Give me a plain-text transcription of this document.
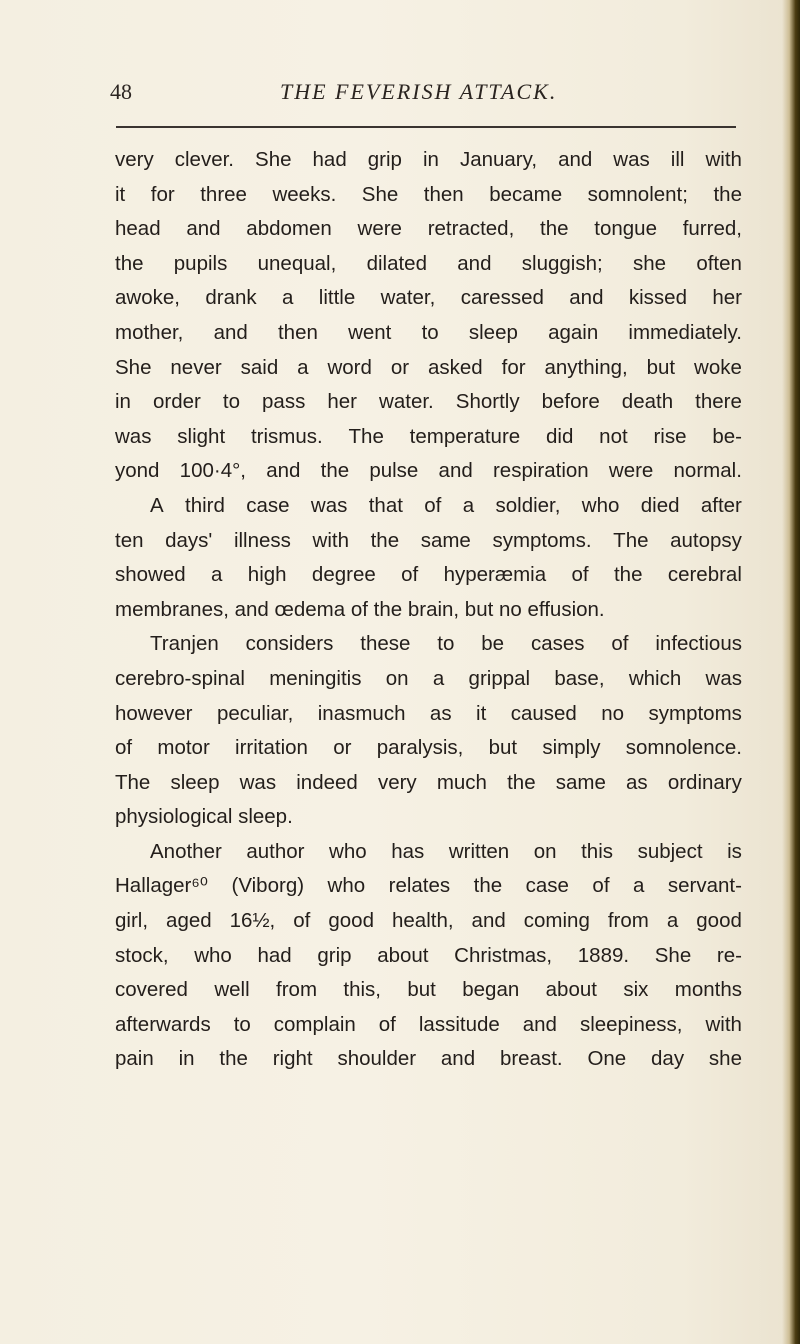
48	THE FEVERISH ATTACK.
very clever. She had grip in January, and was ill with
it for three weeks. She then became somnolent; the
head and abdomen were retracted, the tongue furred,
the pupils unequal, dilated and sluggish; she often
awoke, drank a little water, caressed and kissed her
mother, and then went to sleep again immediately.
She never said a word or asked for anything, but woke
in order to pass her water. Shortly before death there
was slight trismus. The temperature did not rise be-
yond 100·4°, and the pulse and respiration were normal.
A third case was that of a soldier, who died after
ten days' illness with the same symptoms. The autopsy
showed a high degree of hyperæmia of the cerebral
membranes, and œdema of the brain, but no effusion.
Tranjen considers these to be cases of infectious
cerebro-spinal meningitis on a grippal base, which was
however peculiar, inasmuch as it caused no symptoms
of motor irritation or paralysis, but simply somnolence.
The sleep was indeed very much the same as ordinary
physiological sleep.
Another author who has written on this subject is
Hallager⁶⁰ (Viborg) who relates the case of a servant-
girl, aged 16½, of good health, and coming from a good
stock, who had grip about Christmas, 1889. She re-
covered well from this, but began about six months
afterwards to complain of lassitude and sleepiness, with
pain in the right shoulder and breast. One day she
